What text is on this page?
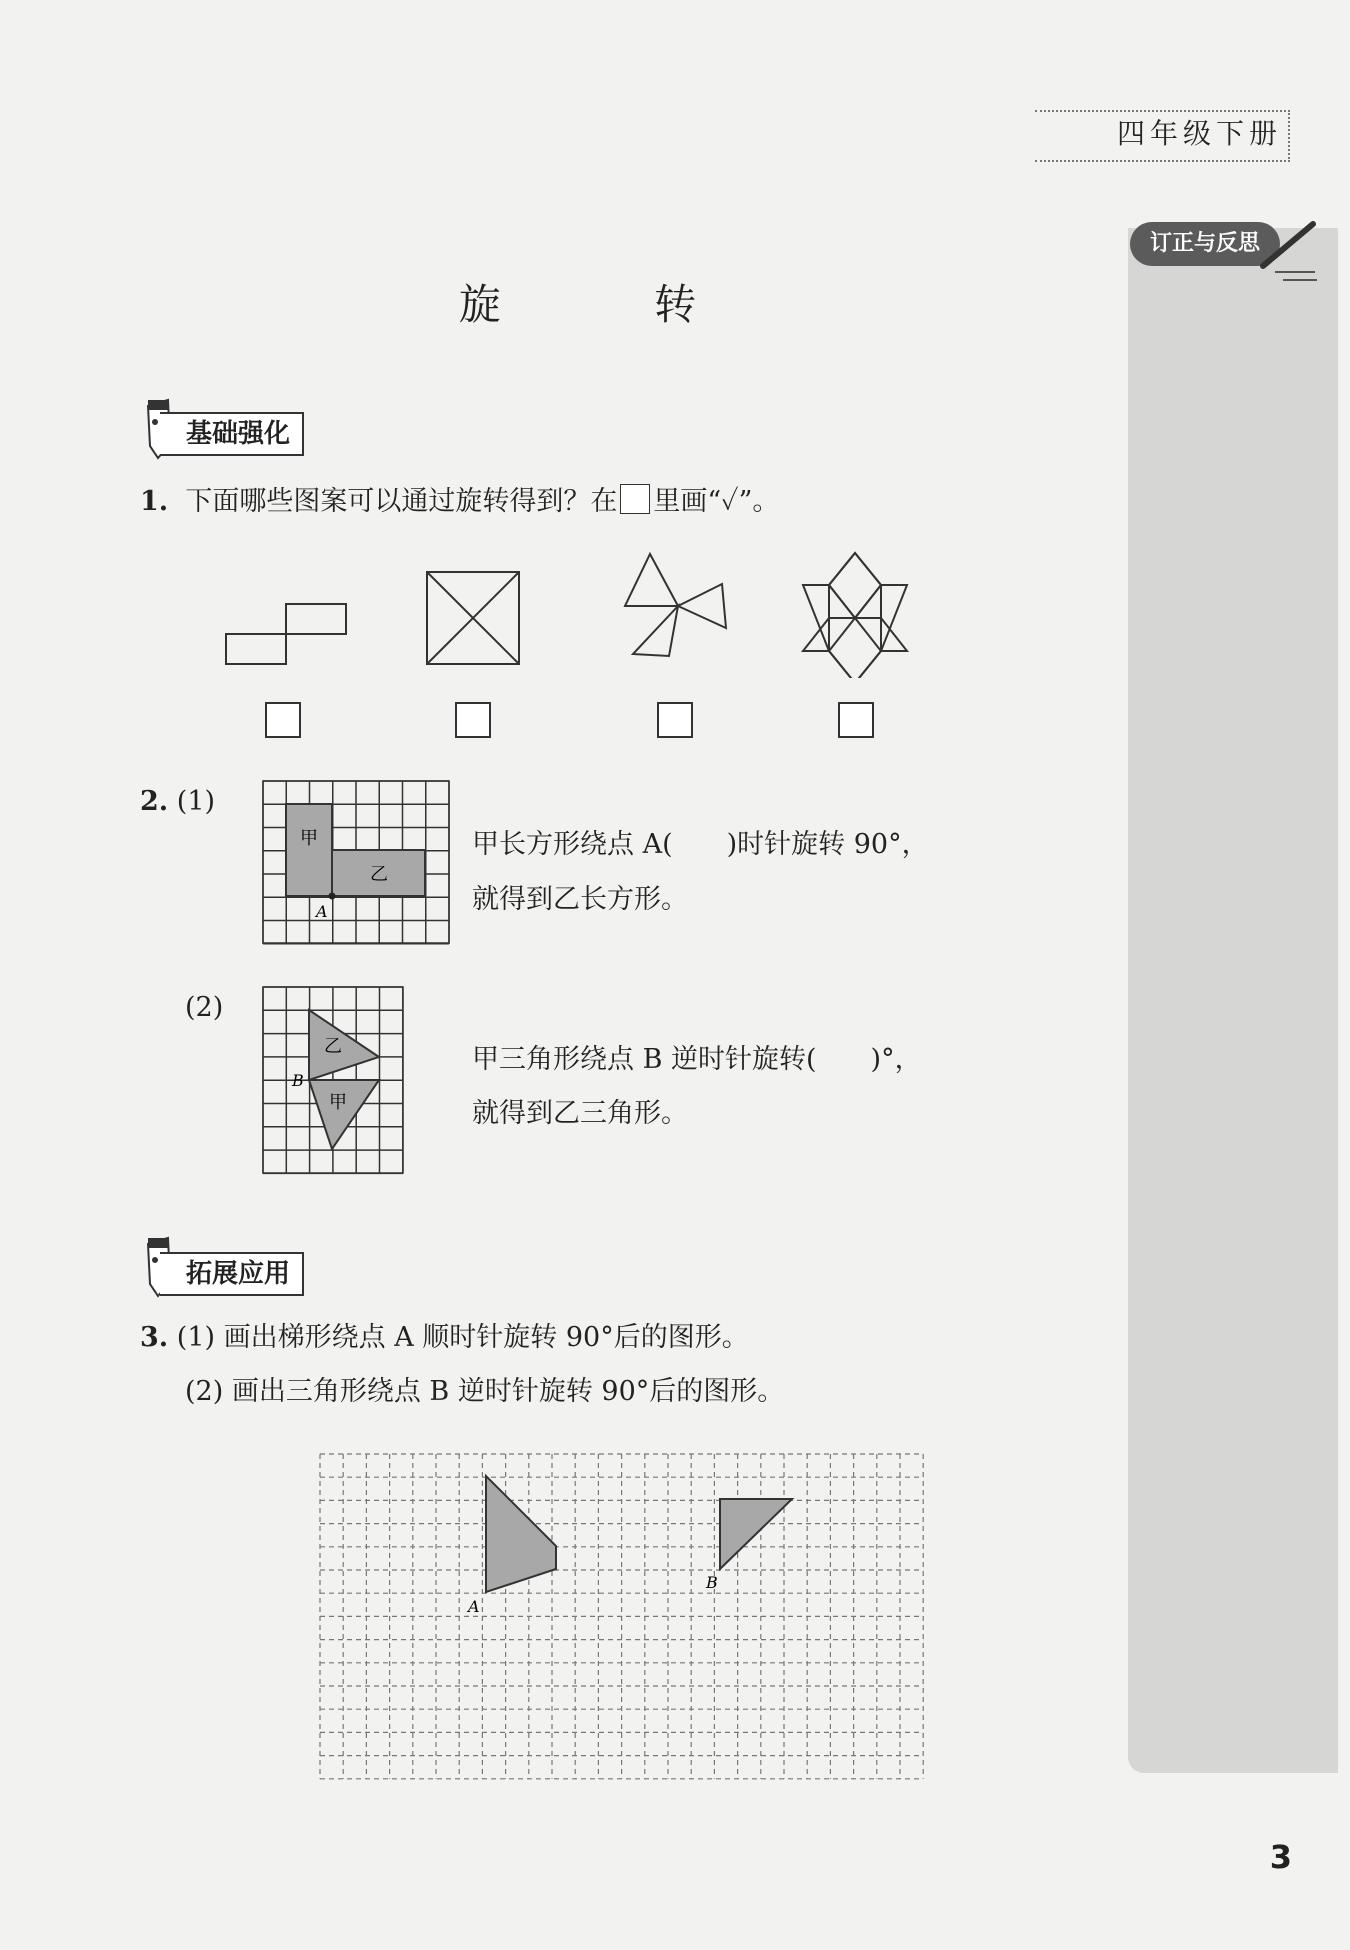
四年级下册
订正与反思
旋 转
基础强化
1. 下面哪些图案可以通过旋转得到？在 里画“✓”。
2. (1)
甲
乙
A
甲长方形绕点 A(　　)时针旋转 90°，
就得到乙长方形。
(2)
乙
甲
B
甲三角形绕点 B 逆时针旋转(　　)°，
就得到乙三角形。
拓展应用
3. (1) 画出梯形绕点 A 顺时针旋转 90°后的图形。
(2) 画出三角形绕点 B 逆时针旋转 90°后的图形。
A
B
3
